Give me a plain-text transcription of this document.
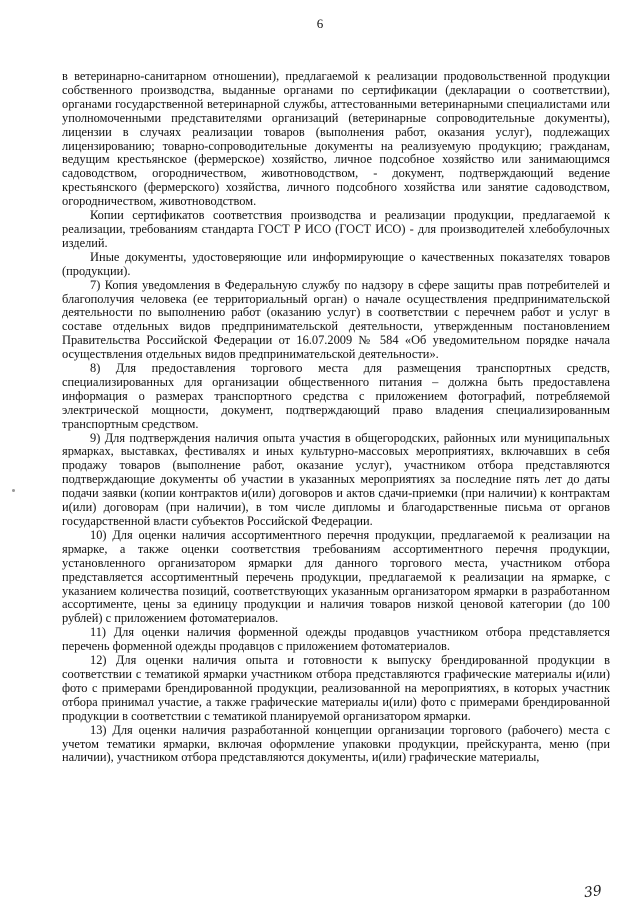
6

в ветеринарно-санитарном отношении), предлагаемой к реализации продовольственной продукции собственного производства, выданные органами по сертификации (декларации о соответствии), органами государственной ветеринарной службы, аттестованными ветеринарными специалистами или уполномоченными представителями организаций (ветеринарные сопроводительные документы), лицензии в случаях реализации товаров (выполнения работ, оказания услуг), подлежащих лицензированию; товарно-сопроводительные документы на реализуемую продукцию; гражданам, ведущим крестьянское (фермерское) хозяйство, личное подсобное хозяйство или занимающимся садоводством, огородничеством, животноводством, - документ, подтверждающий ведение крестьянского (фермерского) хозяйства, личного подсобного хозяйства или занятие садоводством, огородничеством, животноводством.

Копии сертификатов соответствия производства и реализации продукции, предлагаемой к реализации, требованиям стандарта ГОСТ Р ИСО (ГОСТ ИСО) - для производителей хлебобулочных изделий.

Иные документы, удостоверяющие или информирующие о качественных показателях товаров (продукции).

7) Копия уведомления в Федеральную службу по надзору в сфере защиты прав потребителей и благополучия человека (ее территориальный орган) о начале осуществления предпринимательской деятельности по выполнению работ (оказанию услуг) в соответствии с перечнем работ и услуг в составе отдельных видов предпринимательской деятельности, утвержденным постановлением Правительства Российской Федерации от 16.07.2009 № 584 «Об уведомительном порядке начала осуществления отдельных видов предпринимательской деятельности».

8) Для предоставления торгового места для размещения транспортных средств, специализированных для организации общественного питания – должна быть предоставлена информация о размерах транспортного средства с приложением фотографий, потребляемой электрической мощности, документ, подтверждающий право владения специализированным транспортным средством.

9) Для подтверждения наличия опыта участия в общегородских, районных или муниципальных ярмарках, выставках, фестивалях и иных культурно-массовых мероприятиях, включавших в себя продажу товаров (выполнение работ, оказание услуг), участником отбора представляются подтверждающие документы об участии в указанных мероприятиях за последние пять лет до даты подачи заявки (копии контрактов и(или) договоров и актов сдачи-приемки (при наличии) к контрактам и(или) договорам (при наличии), в том числе дипломы и благодарственные письма от органов государственной власти субъектов Российской Федерации.

10) Для оценки наличия ассортиментного перечня продукции, предлагаемой к реализации на ярмарке, а также оценки соответствия требованиям ассортиментного перечня продукции, установленного организатором ярмарки для данного торгового места, участником отбора представляется ассортиментный перечень продукции, предлагаемой к реализации на ярмарке, с указанием количества позиций, соответствующих указанным организатором ярмарки в разработанном ассортименте, цены за единицу продукции и наличия товаров низкой ценовой категории (до 100 рублей) с приложением фотоматериалов.

11) Для оценки наличия форменной одежды продавцов участником отбора представляется перечень форменной одежды продавцов с приложением фотоматериалов.

12) Для оценки наличия опыта и готовности к выпуску брендированной продукции в соответствии с тематикой ярмарки участником отбора представляются графические материалы и(или) фото с примерами брендированной продукции, реализованной на мероприятиях, в которых участник отбора принимал участие, а также графические материалы и(или) фото с примерами брендированной продукции в соответствии с тематикой планируемой организатором ярмарки.

13) Для оценки наличия разработанной концепции организации торгового (рабочего) места с учетом тематики ярмарки, включая оформление упаковки продукции, прейскуранта, меню (при наличии), участником отбора представляются документы, и(или) графические материалы,

39
